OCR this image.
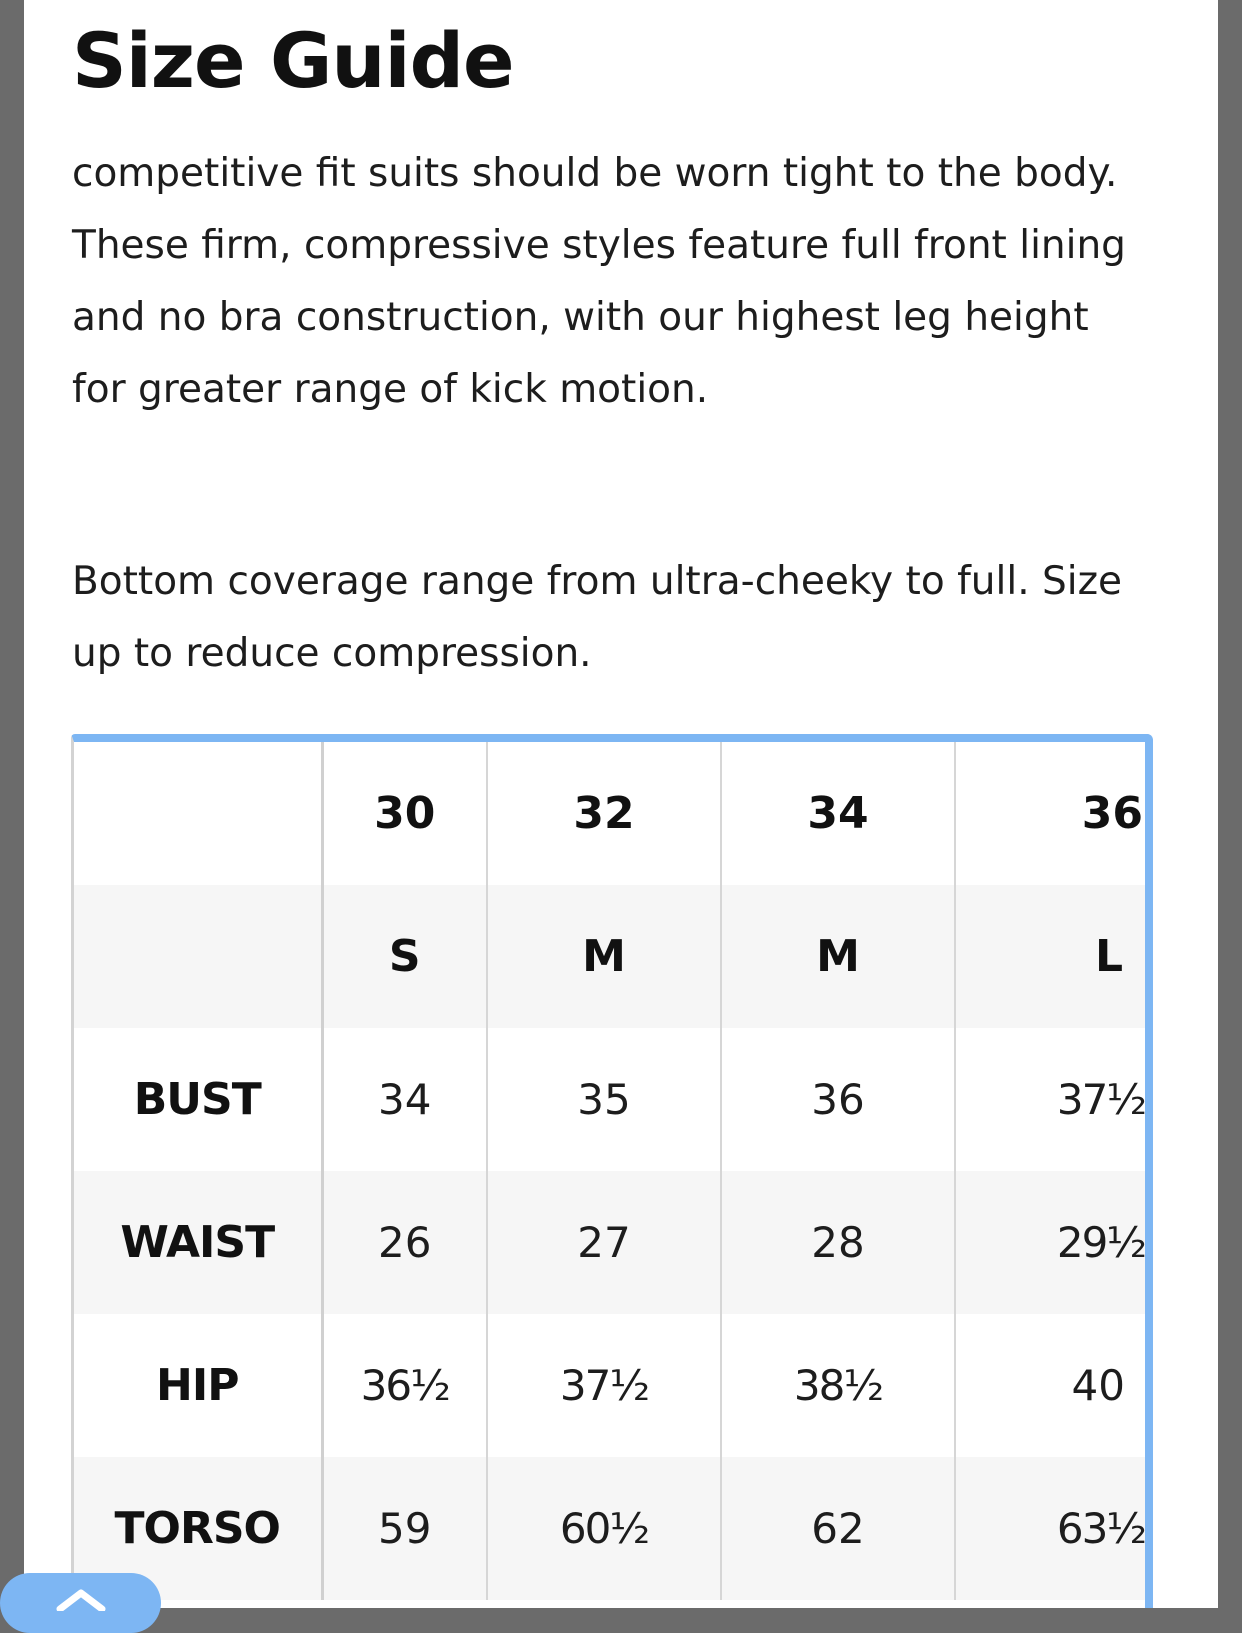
Size Guide

competitive fit suits should be worn tight to the body. These firm, compressive styles feature full front lining and no bra construction, with our highest leg height for greater range of kick motion.

Bottom coverage range from ultra-cheeky to full. Size up to reduce compression.

	30	32	34	36
	S	M	M	L
BUST	34	35	36	37½
WAIST	26	27	28	29½
HIP	36½	37½	38½	40
TORSO	59	60½	62	63½
